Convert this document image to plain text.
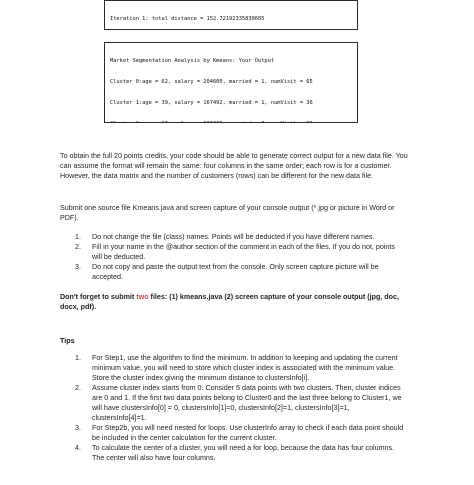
Iteration 1: total distance = 152.72192335839605

Market Segmentation Analysis by Kmeans: Your Output

Cluster 0:age = 62, salary = 204600, married = 1, numVisit = 65

Cluster 1:age = 39, salary = 167492, married = 1, numVisit = 36

To obtain the full 20 points credits, your code should be able to generate correct output for a new data file. You can assume the format will remain the same: four columns in the same order; each row is for a customer. However, the data matrix and the number of customers (rows) can be different for the new data file.

Submit one source file Kmeans.java and screen capture of your console output (*.jpg or picture in Word or PDF).

1.	Do not change the file (class) names. Points will be deducted if you have different names.
2.	Fill in your name in the @author section of the comment in each of the files. If you do not, points will be deducted.
3.	Do not copy and paste the output text from the console. Only screen capture picture will be accepted.

Don't forget to submit two files: (1) kmeans.java (2) screen capture of your console output (jpg, doc, docx, pdf).

Tips

1.	For Step1, use the algorithm to find the minimum. In addition to keeping and updating the current minimum value, you will need to store which cluster index is associated with the minimum value. Store the cluster index giving the minimum distance to clustersInfo[i].
2.	Assume cluster index starts from 0. Consider 5 data points with two clusters. Then, cluster indices are 0 and 1. If the first two data points belong to Cluster0 and the last three belong to Cluster1, we will have clustersInfo[0] = 0, clustersInfo[1]=0, clustersInfo[2]=1, clustersInfo[3]=1, clustersInfo[4]=1.
3.	For Step2b, you will need nested for loops. Use clusterInfo array to check if each data point should be included in the center calculation for the current cluster.
4.	To calculate the center of a cluster, you will need a for loop, because the data has four columns. The center will also have four columns.
